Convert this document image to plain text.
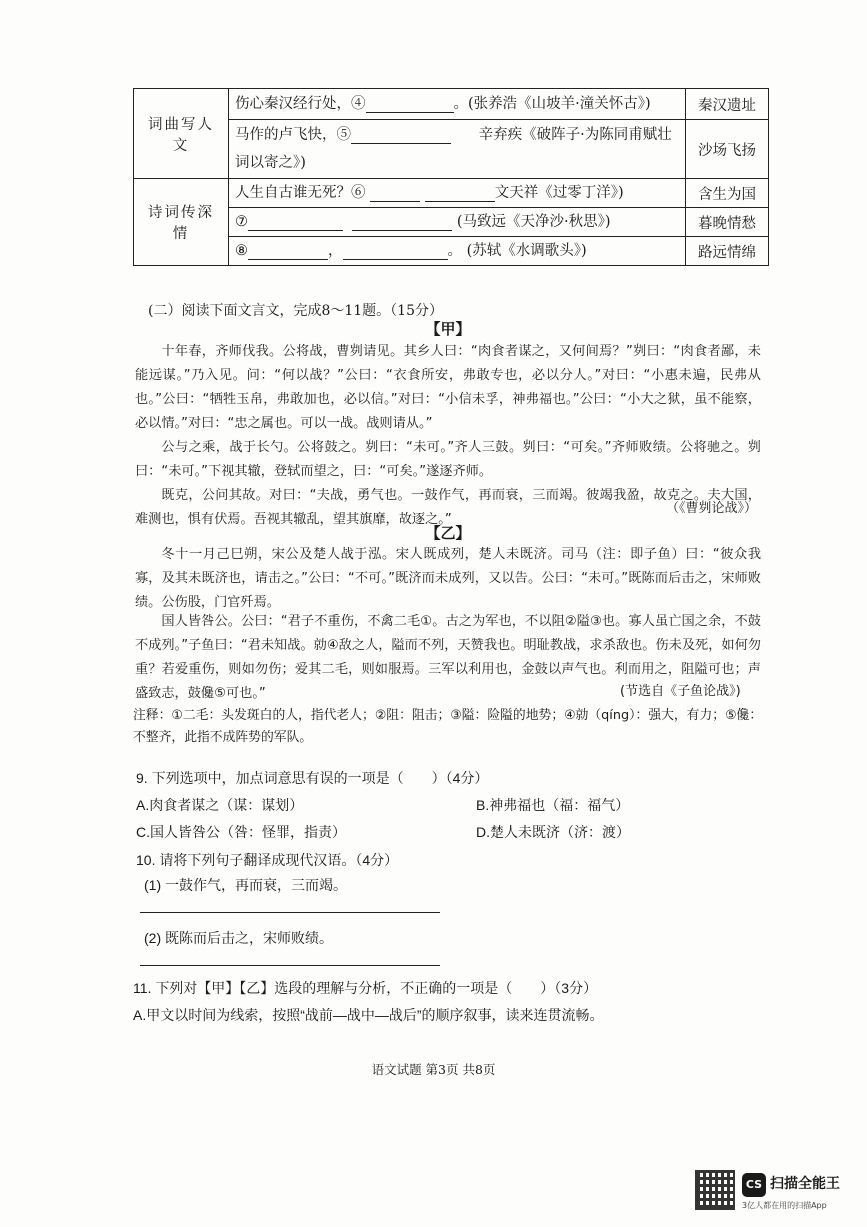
词曲写人文	伤心秦汉经行处，④ 。(张养浩《山坡羊·潼关怀古》)	秦汉遗址
	马作的卢飞快，⑤ 辛弃疾《破阵子·为陈同甫赋壮词以寄之》)	沙场飞扬
诗词传深情	人生自古谁无死？⑥ 文天祥《过零丁洋》)	含生为国
	⑦ (马致远《天净沙·秋思》)	暮晚情愁
	⑧ ， 。 (苏轼《水调歌头》)	路远情绵
(二）阅读下面文言文，完成8～11题。（15分）
【甲】
十年春，齐师伐我。公将战，曹刿请见。其乡人曰：“肉食者谋之，又何间焉？”刿曰：“肉食者鄙，未能远谋。”乃入见。问：“何以战？”公曰：“衣食所安，弗敢专也，必以分人。”对曰：“小惠未遍，民弗从也。”公曰：“牺牲玉帛，弗敢加也，必以信。”对曰：“小信未孚，神弗福也。”公曰：“小大之狱，虽不能察，必以情。”对曰：“忠之属也。可以一战。战则请从。”
公与之乘，战于长勺。公将鼓之。刿曰：“未可。”齐人三鼓。刿曰：“可矣。”齐师败绩。公将驰之。刿曰：“未可。”下视其辙，登轼而望之，曰：“可矣。”遂逐齐师。
既克，公问其故。对曰：“夫战，勇气也。一鼓作气，再而衰，三而竭。彼竭我盈，故克之。夫大国，难测也，惧有伏焉。吾视其辙乱，望其旗靡，故逐之。”
（《曹刿论战》）
【乙】
冬十一月己巳朔，宋公及楚人战于泓。宋人既成列，楚人未既济。司马（注：即子鱼）曰：“彼众我寡，及其未既济也，请击之。”公曰：“不可。”既济而未成列，又以告。公曰：“未可。”既陈而后击之，宋师败绩。公伤股，门官歼焉。
国人皆咎公。公曰：“君子不重伤，不禽二毛①。古之为军也，不以阻②隘③也。寡人虽亡国之余，不鼓不成列。”子鱼曰：“君未知战。勍④敌之人，隘而不列，天赞我也。明耻教战，求杀敌也。伤未及死，如何勿重？若爱重伤，则如勿伤；爱其二毛，则如服焉。三军以利用也，金鼓以声气也。利而用之，阻隘可也；声盛致志，鼓儳⑤可也。”	(节选自《子鱼论战》)
注释：①二毛：头发斑白的人，指代老人；②阻：阻击；③隘：险隘的地势；④勍（qíng）：强大，有力；⑤儳：不整齐，此指不成阵势的军队。
9. 下列选项中，加点词意思有误的一项是（　　）（4分）
A.肉食者谋之（谋：谋划）	B.神弗福也（福：福气）
C.国人皆咎公（咎：怪罪，指责）	D.楚人未既济（济：渡）
10. 请将下列句子翻译成现代汉语。（4分）
(1) 一鼓作气，再而衰，三而竭。
(2) 既陈而后击之，宋师败绩。
11. 下列对【甲】【乙】选段的理解与分析，不正确的一项是（　　）（3分）
A.甲文以时间为线索，按照“战前—战中—战后”的顺序叙事，读来连贯流畅。
语文试题 第3页 共8页
CS 扫描全能王
3亿人都在用的扫描App
